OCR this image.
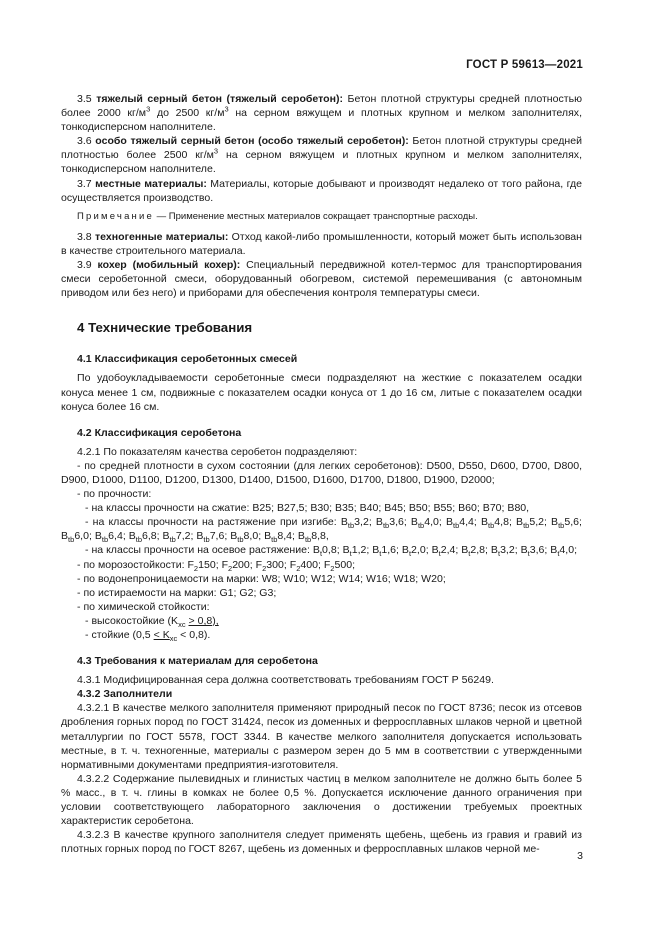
ГОСТ Р 59613—2021

3.5 тяжелый серный бетон (тяжелый серобетон): Бетон плотной структуры средней плотностью более 2000 $кг/м^3$ до 2500 $кг/м^3$ на серном вяжущем и плотных крупном и мелком заполнителях, тонкодисперсном наполнителе.

3.6 особо тяжелый серный бетон (особо тяжелый серобетон): Бетон плотной структуры средней плотностью более 2500 $кг/м^3$ на серном вяжущем и плотных крупном и мелком заполнителях, тонкодисперсном наполнителе.

3.7 местные материалы: Материалы, которые добывают и производят недалеко от того района, где осуществляется производство.

Примечание — Применение местных материалов сокращает транспортные расходы.

3.8 техногенные материалы: Отход какой-либо промышленности, который может быть использован в качестве строительного материала.

3.9 кохер (мобильный кохер): Специальный передвижной котел-термос для транспортирования смеси серобетонной смеси, оборудованный обогревом, системой перемешивания (с автономным приводом или без него) и приборами для обеспечения контроля температуры смеси.

4 Технические требования

4.1 Классификация серобетонных смесей

По удобоукладываемости серобетонные смеси подразделяют на жесткие с показателем осадки конуса менее 1 см, подвижные с показателем осадки конуса от 1 до 16 см, литые с показателем осадки конуса более 16 см.

4.2 Классификация серобетона

4.2.1 По показателям качества серобетон подразделяют:

- по средней плотности в сухом состоянии (для легких серобетонов): D500, D550, D600, D700, D800, D900, D1000, D1100, D1200, D1300, D1400, D1500, D1600, D1700, D1800, D1900, D2000;

- по прочности:

- на классы прочности на сжатие: B25; B27,5; B30; B35; B40; B45; B50; B55; B60; B70; B80,

- на классы прочности на растяжение при изгибе: $B_{tb}3,2$; $B_{tb}3,6$; $B_{tb}4,0$; $B_{tb}4,4$; $B_{tb}4,8$; $B_{tb}5,2$; $B_{tb}5,6$; $B_{tb}6,0$; $B_{tb}6,4$; $B_{tb}6,8$; $B_{tb}7,2$; $B_{tb}7,6$; $B_{tb}8,0$; $B_{tb}8,4$; $B_{tb}8,8$,

- на классы прочности на осевое растяжение: $B_t0,8$; $B_t1,2$; $B_t1,6$; $B_t2,0$; $B_t2,4$; $B_t2,8$; $B_t3,2$; $B_t3,6$; $B_t4,0$;

- по морозостойкости: $F_2150$; $F_2200$; $F_2300$; $F_2400$; $F_2500$;

- по водонепроницаемости на марки: W8; W10; W12; W14; W16; W18; W20;

- по истираемости на марки: G1; G2; G3;

- по химической стойкости:

- высокостойкие $(K_{xc} > 0,8)$,

- стойкие $(0,5 < K_{xc} < 0,8)$.

4.3 Требования к материалам для серобетона

4.3.1 Модифицированная сера должна соответствовать требованиям ГОСТ Р 56249.

4.3.2 Заполнители

4.3.2.1 В качестве мелкого заполнителя применяют природный песок по ГОСТ 8736; песок из отсевов дробления горных пород по ГОСТ 31424, песок из доменных и ферросплавных шлаков черной и цветной металлургии по ГОСТ 5578, ГОСТ 3344. В качестве мелкого заполнителя допускается использовать местные, в т. ч. техногенные, материалы с размером зерен до 5 мм в соответствии с утвержденными нормативными документами предприятия-изготовителя.

4.3.2.2 Содержание пылевидных и глинистых частиц в мелком заполнителе не должно быть более 5 % масс., в т. ч. глины в комках не более 0,5 %. Допускается исключение данного ограничения при условии соответствующего лабораторного заключения о достижении требуемых проектных характеристик серобетона.

4.3.2.3 В качестве крупного заполнителя следует применять щебень, щебень из гравия и гравий из плотных горных пород по ГОСТ 8267, щебень из доменных и ферросплавных шлаков черной ме-

3
